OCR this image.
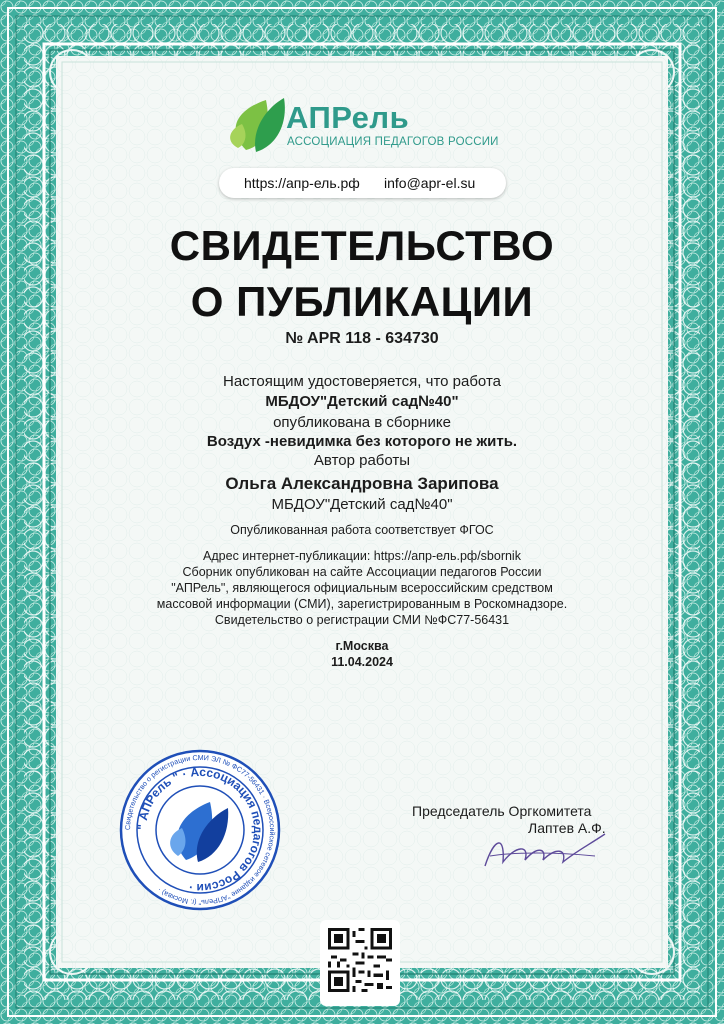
АПРель
АССОЦИАЦИЯ ПЕДАГОГОВ РОССИИ
https://апр-ель.рф info@apr-el.su
СВИДЕТЕЛЬСТВО
О ПУБЛИКАЦИИ
№ APR 118 - 634730
Настоящим удостоверяется, что работа
МБДОУ"Детский сад№40"
опубликована в сборнике
Воздух -невидимка без которого не жить.
Автор работы
Ольга Александровна Зарипова
МБДОУ"Детский сад№40"
Опубликованная работа соответствует ФГОС
Адрес интернет-публикации: https://апр-ель.рф/sbornik
Сборник опубликован на сайте Ассоциации педагогов России
"АПРель", являющегося официальным всероссийским средством
массовой информации (СМИ), зарегистрированным в Роскомнадзоре.
Свидетельство о регистрации СМИ №ФС77-56431
г.Москва
11.04.2024
Свидетельство о регистрации СМИ ЭЛ № ФС77-56431 · Всероссийское сетевое издание "АПРель" (г. Москва) ·
" АПРель " · Ассоциация педагогов России ·
Председатель Оргкомитета
Лаптев А.Ф.
